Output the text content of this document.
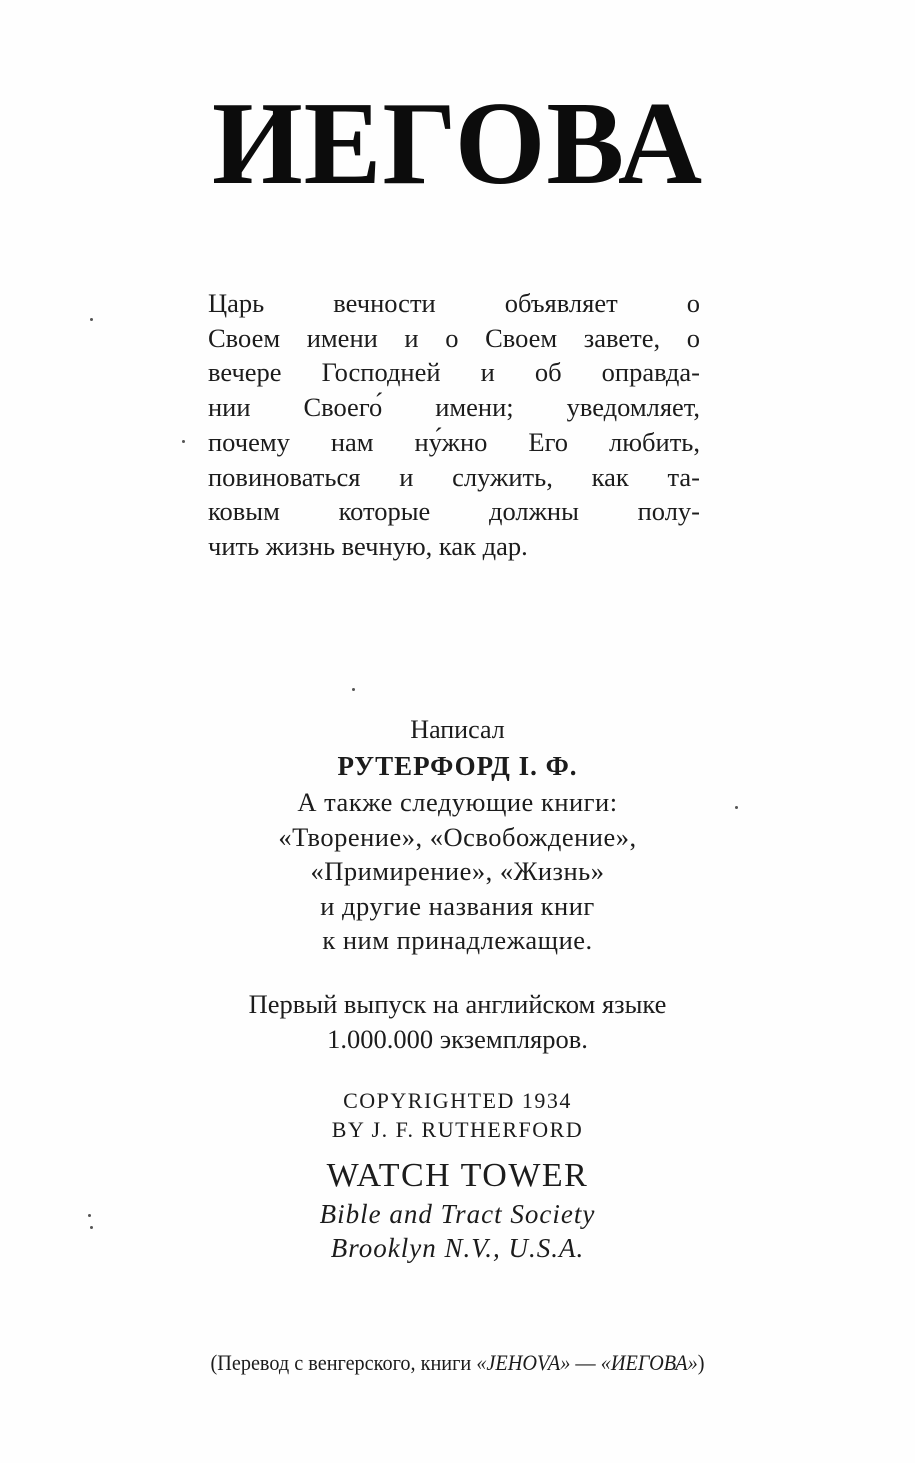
ИЕГОВА
Царь вечности объявляет о
Своем имени и о Своем завете, о
вечере Господней и об оправда-
нии Своего́ имени; уведомляет,
почему нам ну́жно Его любить,
повиноваться и служить, как та-
ковым которые должны полу-
чить жизнь вечную, как дар.
Написал
РУТЕРФОРД І. Ф.
А также следующие книги:
«Творение», «Освобождение»,
«Примирение», «Жизнь»
и другие названия книг
к ним принадлежащие.
Первый выпуск на английском языке
1.000.000 экземпляров.
COPYRIGHTED 1934
BY J. F. RUTHERFORD
WATCH TOWER
Bible and Tract Society
Brooklyn N.V., U.S.A.
(Перевод с венгерского, книги «JEHOVA» — «ИЕГОВА»)
